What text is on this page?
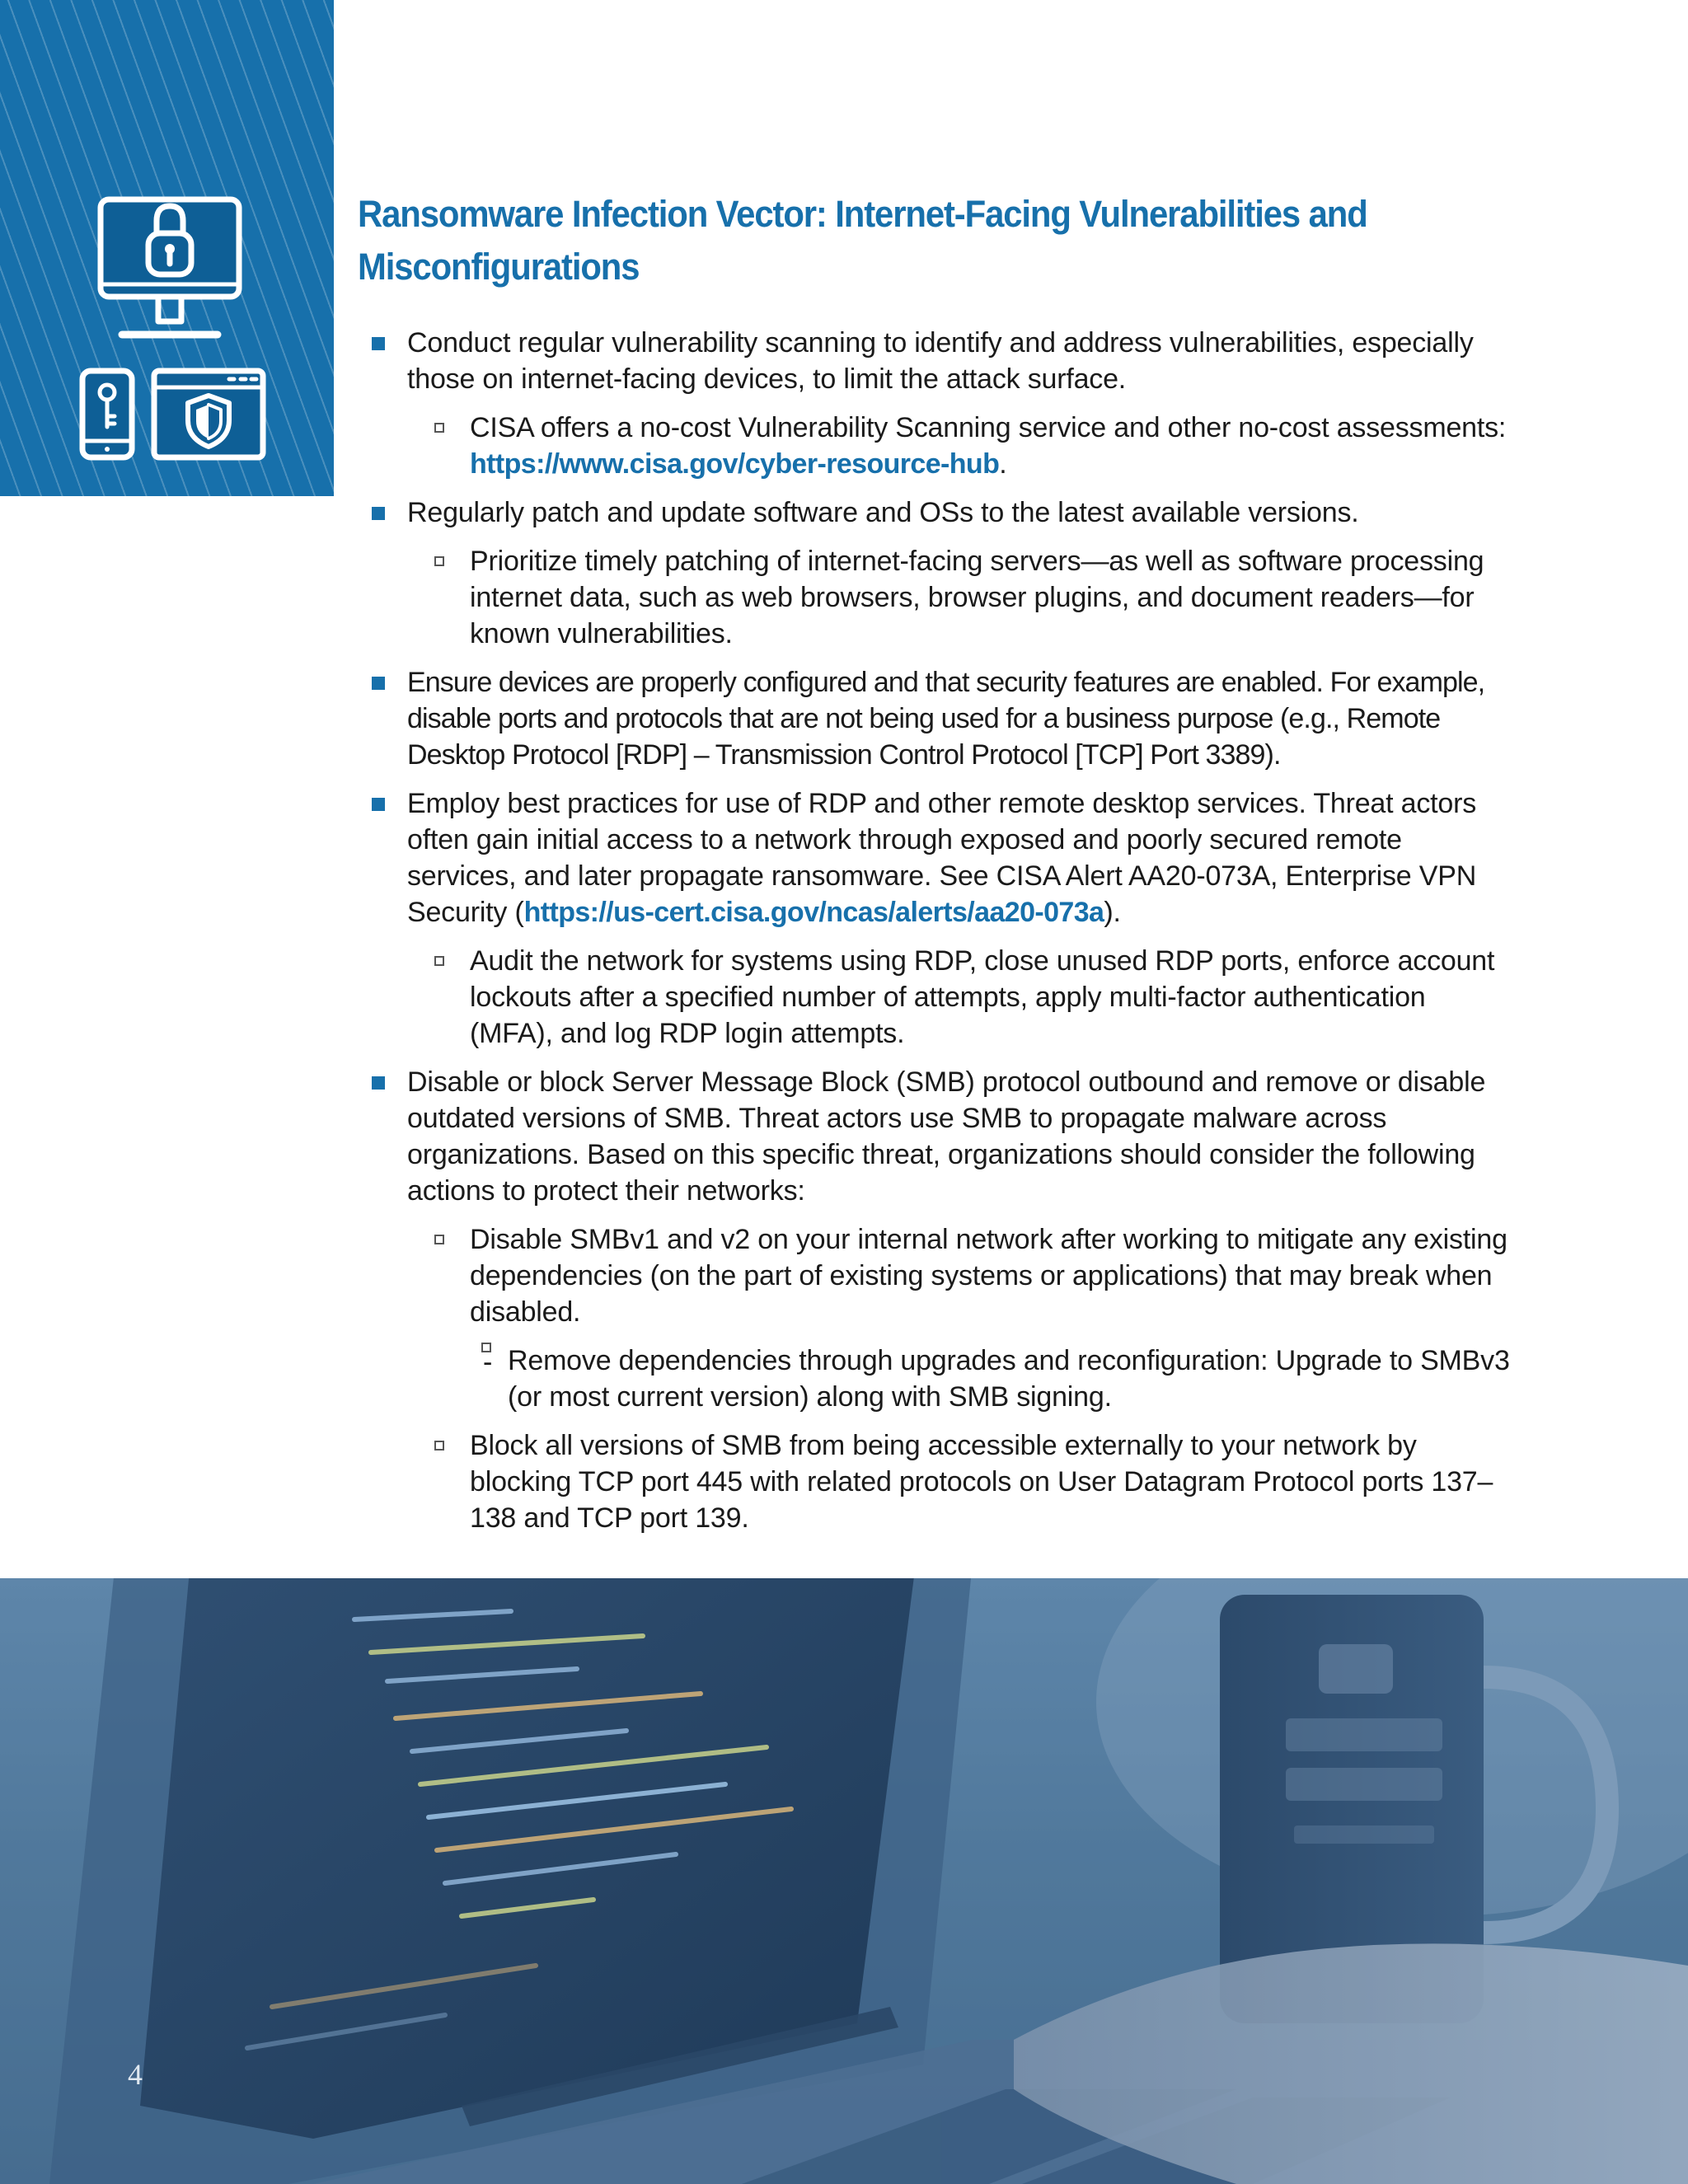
Ransomware Infection Vector: Internet-Facing Vulnerabilities and Misconfigurations
Conduct regular vulnerability scanning to identify and address vulnerabilities, especially those on internet-facing devices, to limit the attack surface.
CISA offers a no-cost Vulnerability Scanning service and other no-cost assessments: https://www.cisa.gov/cyber-resource-hub.
Regularly patch and update software and OSs to the latest available versions.
Prioritize timely patching of internet-facing servers—as well as software processing internet data, such as web browsers, browser plugins, and document readers—for known vulnerabilities.
Ensure devices are properly configured and that security features are enabled. For example, disable ports and protocols that are not being used for a business purpose (e.g., Remote Desktop Protocol [RDP] – Transmission Control Protocol [TCP] Port 3389).
Employ best practices for use of RDP and other remote desktop services. Threat actors often gain initial access to a network through exposed and poorly secured remote services, and later propagate ransomware. See CISA Alert AA20-073A, Enterprise VPN Security (https://us-cert.cisa.gov/ncas/alerts/aa20-073a).
Audit the network for systems using RDP, close unused RDP ports, enforce account lockouts after a specified number of attempts, apply multi-factor authentication (MFA), and log RDP login attempts.
Disable or block Server Message Block (SMB) protocol outbound and remove or disable outdated versions of SMB. Threat actors use SMB to propagate malware across organizations. Based on this specific threat, organizations should consider the following actions to protect their networks:
Disable SMBv1 and v2 on your internal network after working to mitigate any existing dependencies (on the part of existing systems or applications) that may break when disabled.
- Remove dependencies through upgrades and reconfiguration: Upgrade to SMBv3 (or most current version) along with SMB signing.
Block all versions of SMB from being accessible externally to your network by blocking TCP port 445 with related protocols on User Datagram Protocol ports 137–138 and TCP port 139.
4
